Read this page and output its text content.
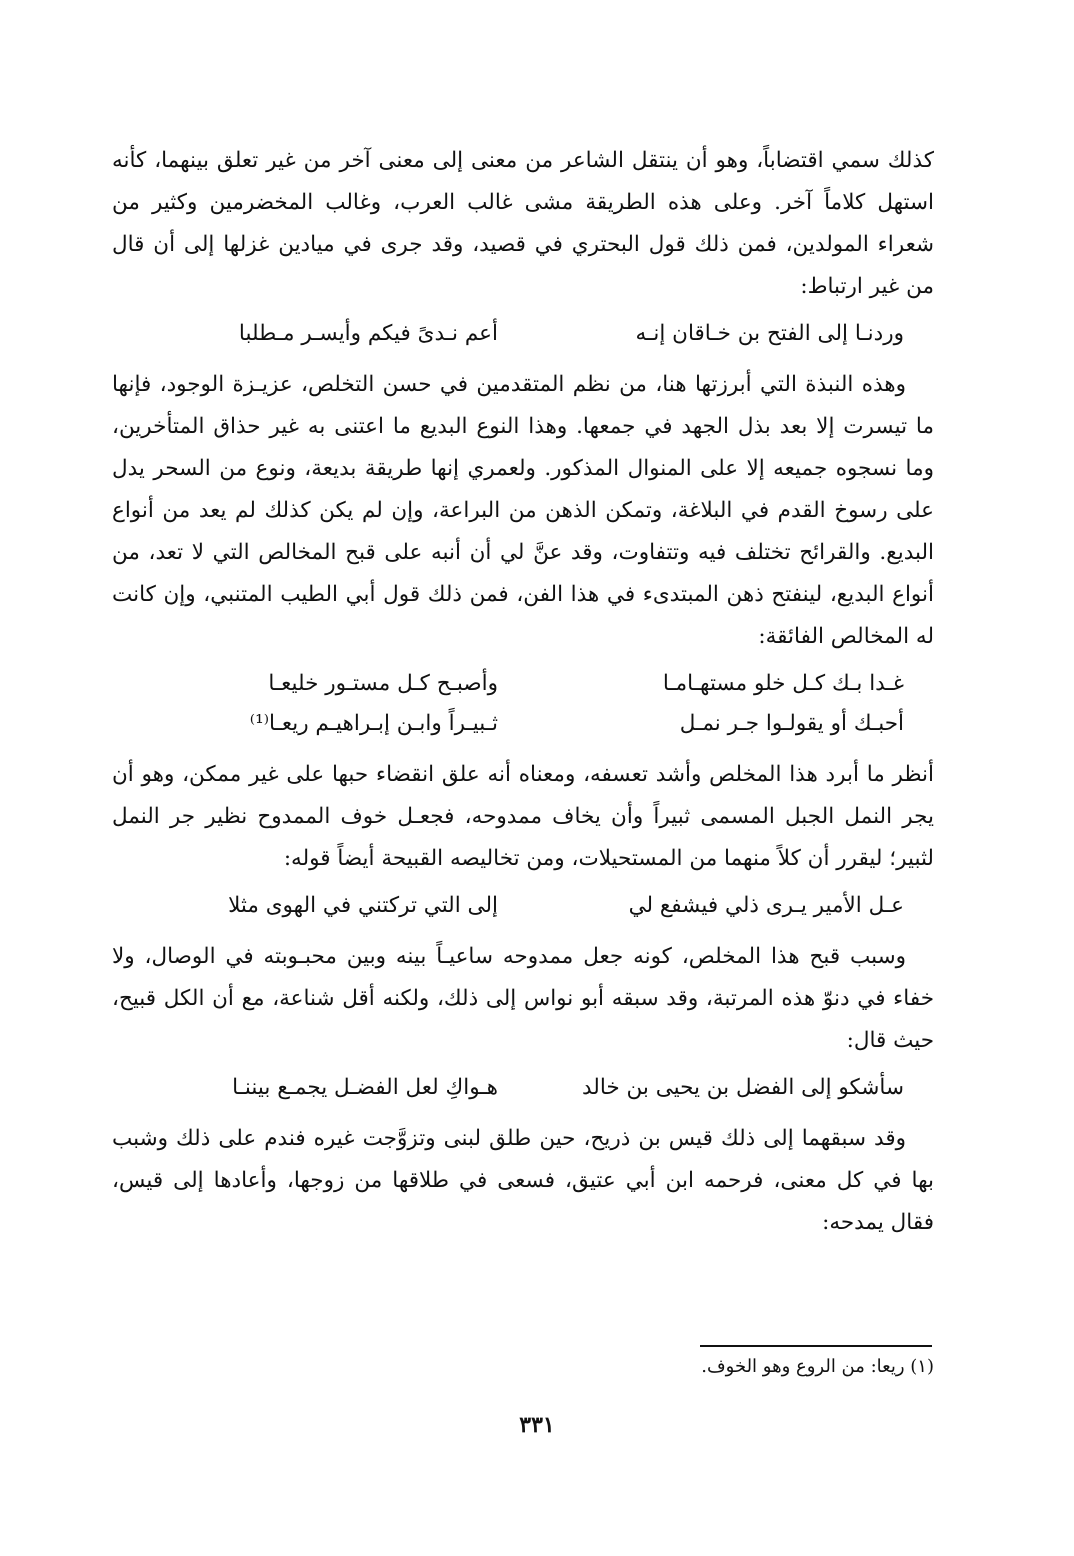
كذلك سمي اقتضاباً، وهو أن ينتقل الشاعر من معنى إلى معنى آخر من غير تعلق بينهما، كأنه استهل كلاماً آخر. وعلى هذه الطريقة مشى غالب العرب، وغالب المخضرمين وكثير من شعراء المولدين، فمن ذلك قول البحتري في قصيد، وقد جرى في ميادين غزلها إلى أن قال من غير ارتباط:

وردنـا إلى الفتح بن خـاقان إنـه
أعم نـدىً فيكم وأيسـر مـطلبا

وهذه النبذة التي أبرزتها هنا، من نظم المتقدمين في حسن التخلص، عزيـزة الوجود، فإنها ما تيسرت إلا بعد بذل الجهد في جمعها. وهذا النوع البديع ما اعتنى به غير حذاق المتأخرين، وما نسجوه جميعه إلا على المنوال المذكور. ولعمري إنها طريقة بديعة، ونوع من السحر يدل على رسوخ القدم في البلاغة، وتمكن الذهن من البراعة، وإن لم يكن كذلك لم يعد من أنواع البديع. والقرائح تختلف فيه وتتفاوت، وقد عنَّ لي أن أنبه على قبح المخالص التي لا تعد، من أنواع البديع، لينفتح ذهن المبتدىء في هذا الفن، فمن ذلك قول أبي الطيب المتنبي، وإن كانت له المخالص الفائقة:

غـدا بـك كـل خلو مستهـامـا
وأصبـح كـل مستـور خليعـا
أحبـك أو يقولـوا جـر نمـل
ثـبيـراً وابـن إبـراهيـم ريعـا⁽¹⁾

أنظر ما أبرد هذا المخلص وأشد تعسفه، ومعناه أنه علق انقضاء حبها على غير ممكن، وهو أن يجر النمل الجبل المسمى ثبيراً وأن يخاف ممدوحه، فجعـل خوف الممدوح نظير جر النمل لثبير؛ ليقرر أن كلاً منهما من المستحيلات، ومن تخاليصه القبيحة أيضاً قوله:

عـل الأمير يـرى ذلي فيشفع لي
إلى التي تركتني في الهوى مثلا

وسبب قبح هذا المخلص، كونه جعل ممدوحه ساعيـاً بينه وبين محبـوبته في الوصال، ولا خفاء في دنوّ هذه المرتبة، وقد سبقه أبو نواس إلى ذلك، ولكنه أقل شناعة، مع أن الكل قبيح، حيث قال:

سأشكو إلى الفضل بن يحيى بن خالد
هـواكِ لعل الفضـل يجمـع بيننـا

وقد سبقهما إلى ذلك قيس بن ذريح، حين طلق لبنى وتزوَّجت غيره فندم على ذلك وشبب بها في كل معنى، فرحمه ابن أبي عتيق، فسعى في طلاقها من زوجها، وأعادها إلى قيس، فقال يمدحه:

(١) ريعا: من الروع وهو الخوف.
٣٣١
